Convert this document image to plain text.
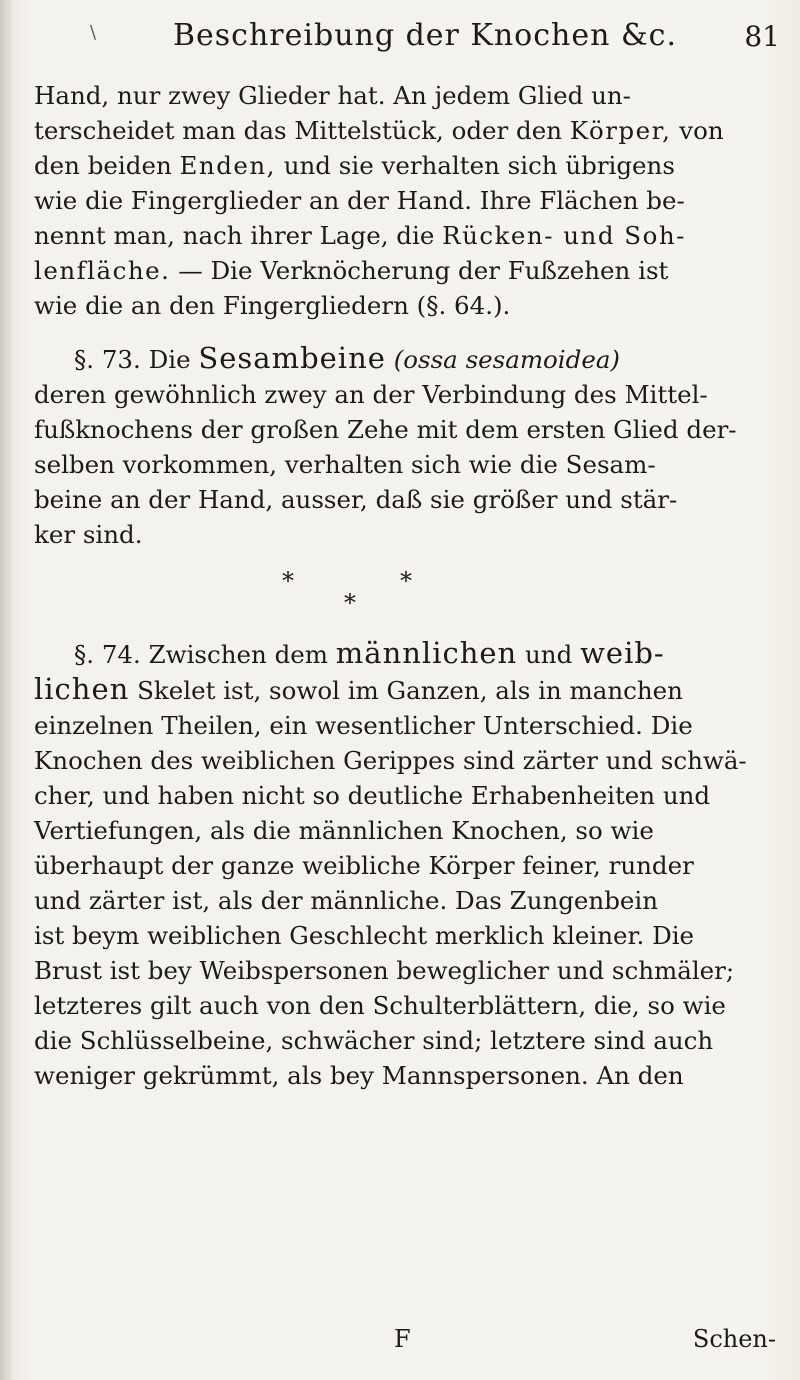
\	Beschreibung der Knochen &c.	81

Hand, nur zwey Glieder hat. An jedem Glied un-
terscheidet man das Mittelstück, oder den Körper, von
den beiden Enden, und sie verhalten sich übrigens
wie die Fingerglieder an der Hand. Ihre Flächen be-
nennt man, nach ihrer Lage, die Rücken- und Soh-
lenfläche. — Die Verknöcherung der Fußzehen ist
wie die an den Fingergliedern (§. 64.).

§. 73. Die Sesambeine (ossa sesamoidea)
deren gewöhnlich zwey an der Verbindung des Mittel-
fußknochens der großen Zehe mit dem ersten Glied der-
selben vorkommen, verhalten sich wie die Sesam-
beine an der Hand, ausser, daß sie größer und stär-
ker sind.

*	*
*

§. 74. Zwischen dem männlichen und weib-
lichen Skelet ist, sowol im Ganzen, als in manchen
einzelnen Theilen, ein wesentlicher Unterschied. Die
Knochen des weiblichen Gerippes sind zärter und schwä-
cher, und haben nicht so deutliche Erhabenheiten und
Vertiefungen, als die männlichen Knochen, so wie
überhaupt der ganze weibliche Körper feiner, runder
und zärter ist, als der männliche. Das Zungenbein
ist beym weiblichen Geschlecht merklich kleiner. Die
Brust ist bey Weibspersonen beweglicher und schmäler;
letzteres gilt auch von den Schulterblättern, die, so wie
die Schlüsselbeine, schwächer sind; letztere sind auch
weniger gekrümmt, als bey Mannspersonen. An den

F	Schen-
